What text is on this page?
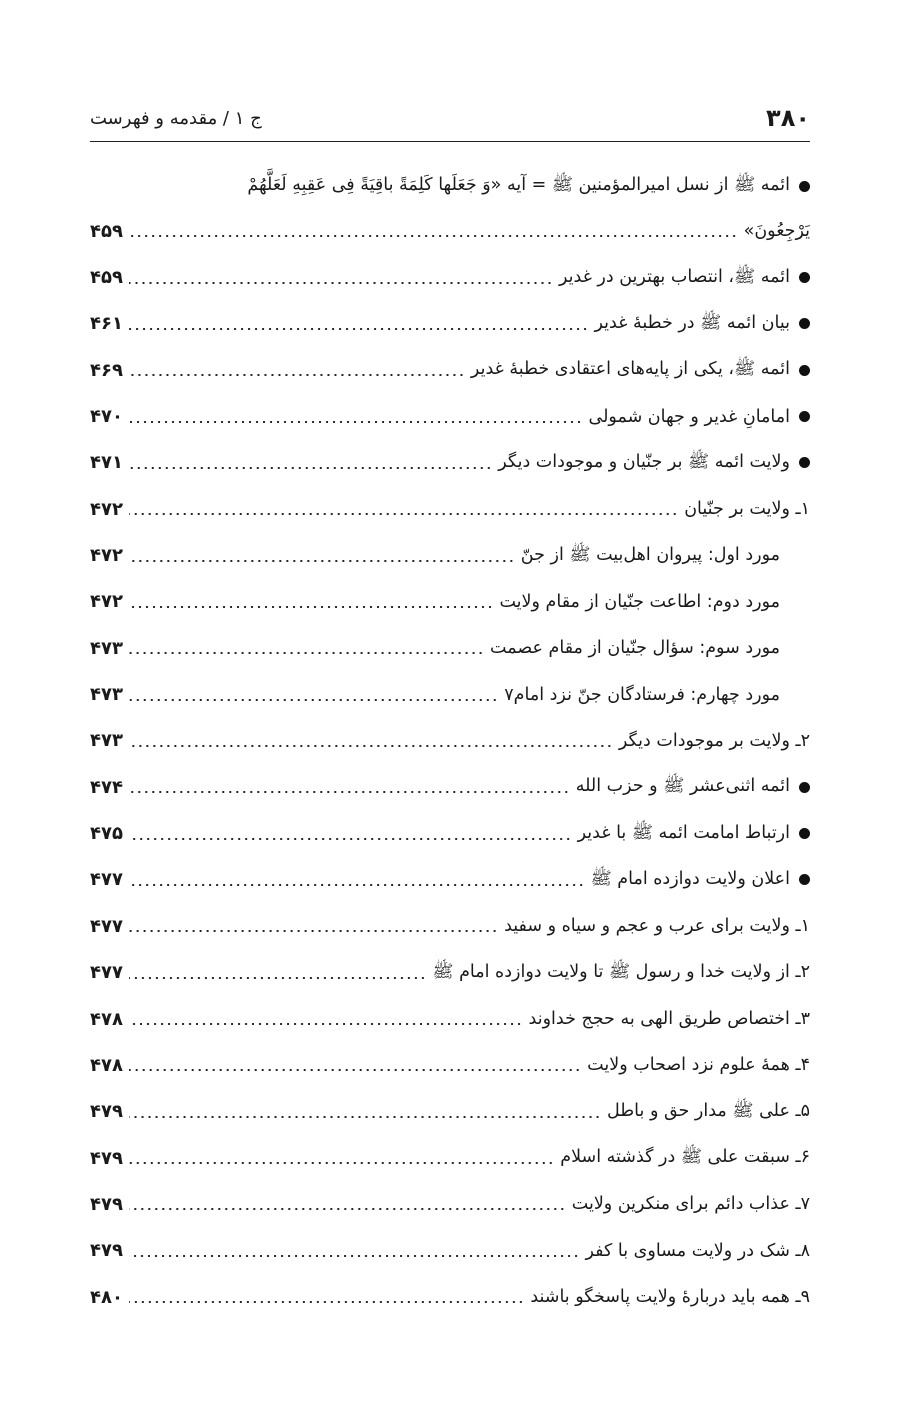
۳۸۰
ج ۱ / مقدمه و فهرست
ائمه ﷺ از نسل امیرالمؤمنین ﷺ = آیه «وَ جَعَلَها کَلِمَةً باقِیَةً فِی عَقِبِهِ لَعَلَّهُمْ
یَرْجِعُونَ»
۴۵۹
ائمه ﷺ، انتصاب بهترین در غدیر
۴۵۹
بیان ائمه ﷺ در خطبهٔ غدیر
۴۶۱
ائمه ﷺ، یکی از پایه‌های اعتقادی خطبهٔ غدیر
۴۶۹
امامانِ غدیر و جهان شمولی
۴۷۰
ولایت ائمه ﷺ بر جنّیان و موجودات دیگر
۴۷۱
۱ـ ولایت بر جنّیان
۴۷۲
مورد اول: پیروان اهل‌بیت ﷺ از جنّ
۴۷۲
مورد دوم: اطاعت جنّیان از مقام ولایت
۴۷۲
مورد سوم: سؤال جنّیان از مقام عصمت
۴۷۳
مورد چهارم: فرستادگان جنّ نزد امام۷
۴۷۳
۲ـ ولایت بر موجودات دیگر
۴۷۳
ائمه اثنی‌عشر ﷺ و حزب الله
۴۷۴
ارتباط امامت ائمه ﷺ با غدیر
۴۷۵
اعلان ولایت دوازده امام ﷺ
۴۷۷
۱ـ ولایت برای عرب و عجم و سیاه و سفید
۴۷۷
۲ـ از ولایت خدا و رسول ﷺ تا ولایت دوازده امام ﷺ
۴۷۷
۳ـ اختصاص طریق الهی به حجج خداوند
۴۷۸
۴ـ همهٔ علوم نزد اصحاب ولایت
۴۷۸
۵ـ علی ﷺ مدار حق و باطل
۴۷۹
۶ـ سبقت علی ﷺ در گذشته اسلام
۴۷۹
۷ـ عذاب دائم برای منکرین ولایت
۴۷۹
۸ـ شک در ولایت مساوی با کفر
۴۷۹
۹ـ همه باید دربارهٔ ولایت پاسخگو باشند
۴۸۰
